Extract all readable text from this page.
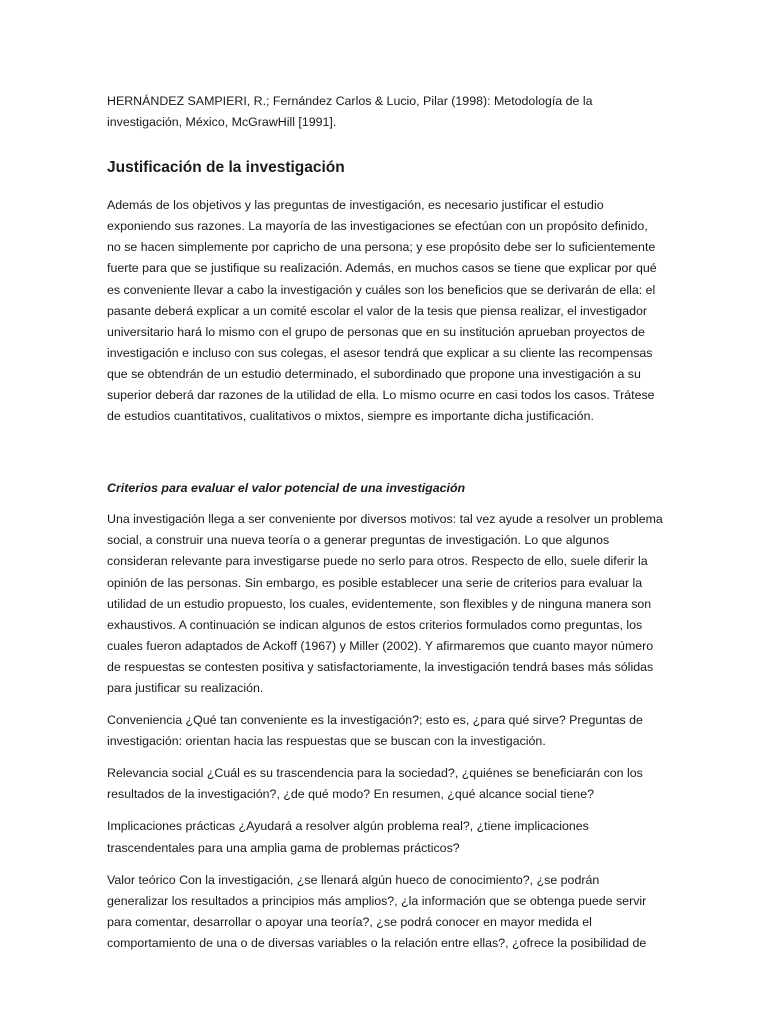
HERNÁNDEZ SAMPIERI, R.; Fernández Carlos & Lucio, Pilar (1998): Metodología de la investigación, México, McGrawHill [1991].

Justificación de la investigación

Además de los objetivos y las preguntas de investigación, es necesario justificar el estudio exponiendo sus razones. La mayoría de las investigaciones se efectúan con un propósito definido, no se hacen simplemente por capricho de una persona; y ese propósito debe ser lo suficientemente fuerte para que se justifique su realización. Además, en muchos casos se tiene que explicar por qué es conveniente llevar a cabo la investigación y cuáles son los beneficios que se derivarán de ella: el pasante deberá explicar a un comité escolar el valor de la tesis que piensa realizar, el investigador universitario hará lo mismo con el grupo de personas que en su institución aprueban proyectos de investigación e incluso con sus colegas, el asesor tendrá que explicar a su cliente las recompensas que se obtendrán de un estudio determinado, el subordinado que propone una investigación a su superior deberá dar razones de la utilidad de ella. Lo mismo ocurre en casi todos los casos. Trátese de estudios cuantitativos, cualitativos o mixtos, siempre es importante dicha justificación.

Criterios para evaluar el valor potencial de una investigación

Una investigación llega a ser conveniente por diversos motivos: tal vez ayude a resolver un problema social, a construir una nueva teoría o a generar preguntas de investigación. Lo que algunos consideran relevante para investigarse puede no serlo para otros. Respecto de ello, suele diferir la opinión de las personas. Sin embargo, es posible establecer una serie de criterios para evaluar la utilidad de un estudio propuesto, los cuales, evidentemente, son flexibles y de ninguna manera son exhaustivos. A continuación se indican algunos de estos criterios formulados como preguntas, los cuales fueron adaptados de Ackoff (1967) y Miller (2002). Y afirmaremos que cuanto mayor número de respuestas se contesten positiva y satisfactoriamente, la investigación tendrá bases más sólidas para justificar su realización.

Conveniencia ¿Qué tan conveniente es la investigación?; esto es, ¿para qué sirve? Preguntas de investigación: orientan hacia las respuestas que se buscan con la investigación.

Relevancia social ¿Cuál es su trascendencia para la sociedad?, ¿quiénes se beneficiarán con los resultados de la investigación?, ¿de qué modo? En resumen, ¿qué alcance social tiene?

Implicaciones prácticas ¿Ayudará a resolver algún problema real?, ¿tiene implicaciones trascendentales para una amplia gama de problemas prácticos?

Valor teórico Con la investigación, ¿se llenará algún hueco de conocimiento?, ¿se podrán generalizar los resultados a principios más amplios?, ¿la información que se obtenga puede servir para comentar, desarrollar o apoyar una teoría?, ¿se podrá conocer en mayor medida el comportamiento de una o de diversas variables o la relación entre ellas?, ¿ofrece la posibilidad de
